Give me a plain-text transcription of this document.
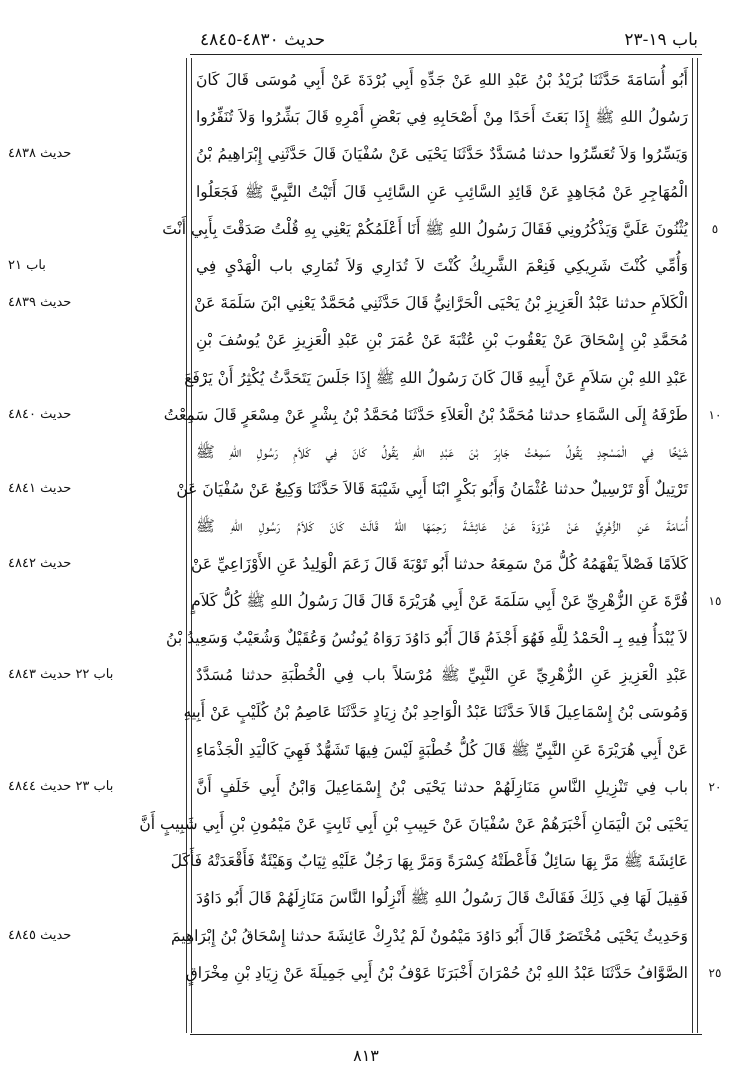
حديث ٤٨٣٠-٤٨٤٥	باب ١٩-٢٣
أَبُو أُسَامَةَ حَدَّثَنَا بُرَيْدُ بْنُ عَبْدِ اللهِ عَنْ جَدِّهِ أَبِي بُرْدَةَ عَنْ أَبِي مُوسَى قَالَ كَانَ
رَسُولُ اللهِ ﷺ إِذَا بَعَثَ أَحَدًا مِنْ أَصْحَابِهِ فِي بَعْضِ أَمْرِهِ قَالَ بَشِّرُوا وَلاَ تُنَفِّرُوا
وَيَسِّرُوا وَلاَ تُعَسِّرُوا حدثنا مُسَدَّدٌ حَدَّثَنَا يَحْيَى عَنْ سُفْيَانَ قَالَ حَدَّثَنِي إِبْرَاهِيمُ بْنُ
الْمُهَاجِرِ عَنْ مُجَاهِدٍ عَنْ قَائِدِ السَّائِبِ عَنِ السَّائِبِ قَالَ أَتَيْتُ النَّبِيَّ ﷺ فَجَعَلُوا
يُثْنُونَ عَلَيَّ وَيَذْكُرُونِي فَقَالَ رَسُولُ اللهِ ﷺ أَنَا أَعْلَمُكُمْ يَعْنِي بِهِ قُلْتُ صَدَقْتَ بِأَبِي أَنْتَ
وَأُمِّي كُنْتَ شَرِيكِي فَنِعْمَ الشَّرِيكُ كُنْتَ لاَ تُدَارِي وَلاَ تُمَارِي باب الْهَدْيِ فِي
الْكَلاَمِ حدثنا عَبْدُ الْعَزِيزِ بْنُ يَحْيَى الْحَرَّانِيُّ قَالَ حَدَّثَنِي مُحَمَّدٌ يَعْنِي ابْنَ سَلَمَةَ عَنْ
مُحَمَّدِ بْنِ إِسْحَاقَ عَنْ يَعْقُوبَ بْنِ عُتْبَةَ عَنْ عُمَرَ بْنِ عَبْدِ الْعَزِيزِ عَنْ يُوسُفَ بْنِ
عَبْدِ اللهِ بْنِ سَلاَمٍ عَنْ أَبِيهِ قَالَ كَانَ رَسُولُ اللهِ ﷺ إِذَا جَلَسَ يَتَحَدَّثُ يُكْثِرُ أَنْ يَرْفَعَ
طَرْفَهُ إِلَى السَّمَاءِ حدثنا مُحَمَّدُ بْنُ الْعَلاَءِ حَدَّثَنَا مُحَمَّدُ بْنُ بِشْرٍ عَنْ مِسْعَرٍ قَالَ سَمِعْتُ
شَيْخًا فِي الْمَسْجِدِ يَقُولُ سَمِعْتُ جَابِرَ بْنَ عَبْدِ اللهِ يَقُولُ كَانَ فِي كَلاَمِ رَسُولِ اللهِ ﷺ
تَرْتِيلٌ أَوْ تَرْسِيلٌ حدثنا عُثْمَانُ وَأَبُو بَكْرٍ ابْنَا أَبِي شَيْبَةَ قَالاَ حَدَّثَنَا وَكِيعٌ عَنْ سُفْيَانَ عَنْ
أُسَامَةَ عَنِ الزُّهْرِيِّ عَنْ عُرْوَةَ عَنْ عَائِشَةَ رَحِمَهَا اللهُ قَالَتْ كَانَ كَلاَمُ رَسُولِ اللهِ ﷺ
كَلاَمًا فَصْلاً يَفْهَمُهُ كُلُّ مَنْ سَمِعَهُ حدثنا أَبُو تَوْبَةَ قَالَ زَعَمَ الْوَلِيدُ عَنِ الأَوْزَاعِيِّ عَنْ
قُرَّةَ عَنِ الزُّهْرِيِّ عَنْ أَبِي سَلَمَةَ عَنْ أَبِي هُرَيْرَةَ قَالَ قَالَ رَسُولُ اللهِ ﷺ كُلُّ كَلاَمٍ
لاَ يُبْدَأُ فِيهِ بِـ الْحَمْدُ لِلَّهِ فَهُوَ أَجْذَمُ قَالَ أَبُو دَاوُدَ رَوَاهُ يُونُسُ وَعُقَيْلٌ وَشُعَيْبٌ وَسَعِيدُ بْنُ
عَبْدِ الْعَزِيزِ عَنِ الزُّهْرِيِّ عَنِ النَّبِيِّ ﷺ مُرْسَلاً باب فِي الْخُطْبَةِ حدثنا مُسَدَّدٌ
وَمُوسَى بْنُ إِسْمَاعِيلَ قَالاَ حَدَّثَنَا عَبْدُ الْوَاحِدِ بْنُ زِيَادٍ حَدَّثَنَا عَاصِمُ بْنُ كُلَيْبٍ عَنْ أَبِيهِ
عَنْ أَبِي هُرَيْرَةَ عَنِ النَّبِيِّ ﷺ قَالَ كُلُّ خُطْبَةٍ لَيْسَ فِيهَا تَشَهُّدٌ فَهِيَ كَالْيَدِ الْجَذْمَاءِ
باب فِي تَنْزِيلِ النَّاسِ مَنَازِلَهُمْ حدثنا يَحْيَى بْنُ إِسْمَاعِيلَ وَابْنُ أَبِي خَلَفٍ أَنَّ
يَحْيَى بْنَ الْيَمَانِ أَخْبَرَهُمْ عَنْ سُفْيَانَ عَنْ حَبِيبِ بْنِ أَبِي ثَابِتٍ عَنْ مَيْمُونِ بْنِ أَبِي شَبِيبٍ أَنَّ
عَائِشَةَ ﷺ مَرَّ بِهَا سَائِلٌ فَأَعْطَتْهُ كِسْرَةً وَمَرَّ بِهَا رَجُلٌ عَلَيْهِ ثِيَابٌ وَهَيْئَةٌ فَأَقْعَدَتْهُ فَأَكَلَ
فَقِيلَ لَهَا فِي ذَلِكَ فَقَالَتْ قَالَ رَسُولُ اللهِ ﷺ أَنْزِلُوا النَّاسَ مَنَازِلَهُمْ قَالَ أَبُو دَاوُدَ
وَحَدِيثُ يَحْيَى مُخْتَصَرٌ قَالَ أَبُو دَاوُدَ مَيْمُونٌ لَمْ يُدْرِكْ عَائِشَةَ حدثنا إِسْحَاقُ بْنُ إِبْرَاهِيمَ
الصَّوَّافُ حَدَّثَنَا عَبْدُ اللهِ بْنُ حُمْرَانَ أَخْبَرَنَا عَوْفُ بْنُ أَبِي جَمِيلَةَ عَنْ زِيَادِ بْنِ مِخْرَاقٍ
حديث ٤٨٣٨
باب ٢١
حديث ٤٨٣٩
حديث ٤٨٤٠
حديث ٤٨٤١
حديث ٤٨٤٢
باب ٢٢ حديث ٤٨٤٣
باب ٢٣ حديث ٤٨٤٤
حديث ٤٨٤٥
٥
١٠
١٥
٢٠
٢٥
٨١٣
